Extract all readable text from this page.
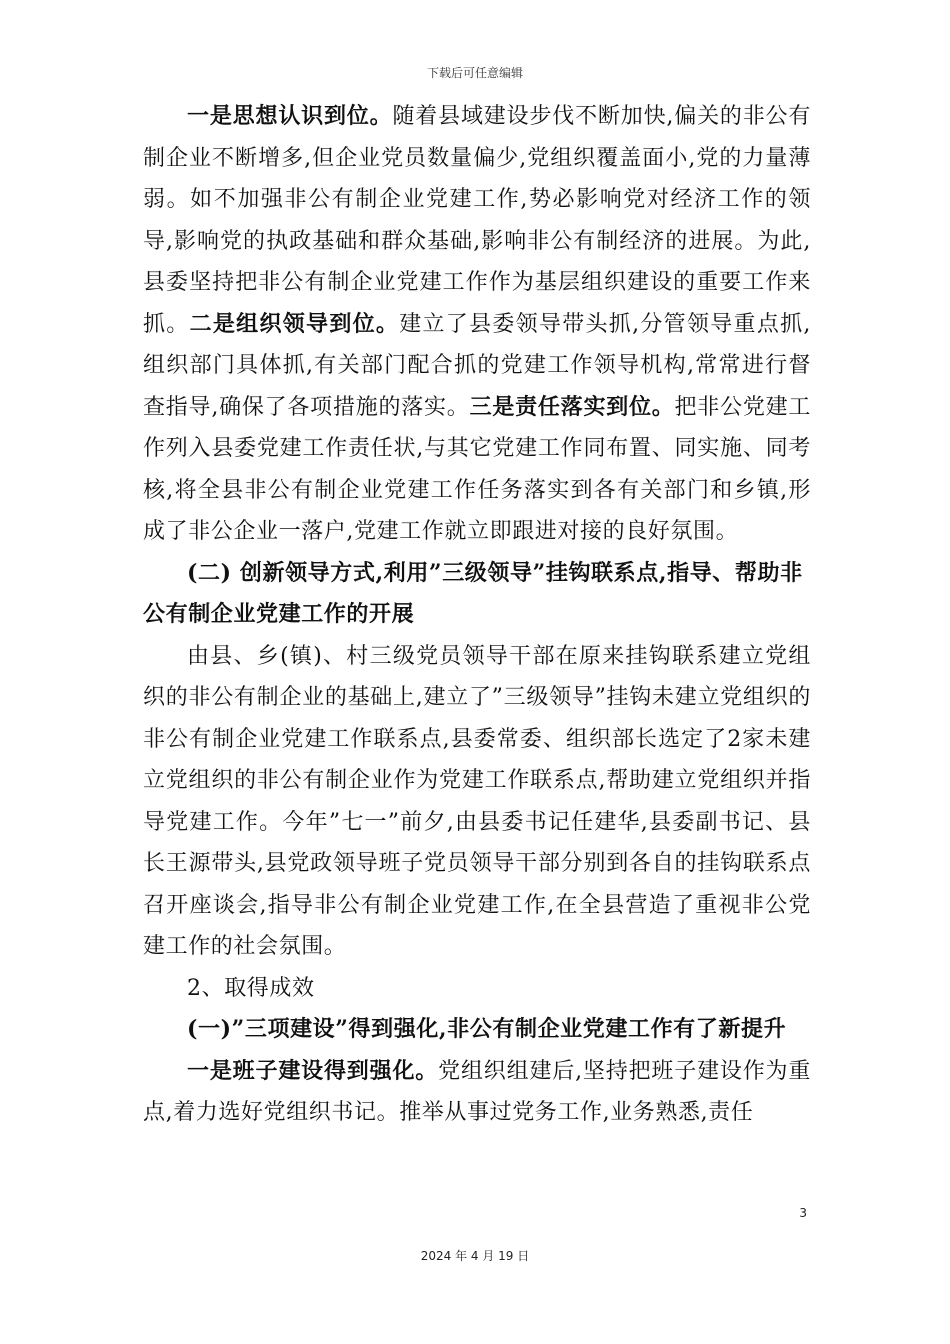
下载后可任意编辑

一是思想认识到位。随着县域建设步伐不断加快,偏关的非公有制企业不断增多,但企业党员数量偏少,党组织覆盖面小,党的力量薄弱。如不加强非公有制企业党建工作,势必影响党对经济工作的领导,影响党的执政基础和群众基础,影响非公有制经济的进展。为此,县委坚持把非公有制企业党建工作作为基层组织建设的重要工作来抓。二是组织领导到位。建立了县委领导带头抓,分管领导重点抓,组织部门具体抓,有关部门配合抓的党建工作领导机构,常常进行督查指导,确保了各项措施的落实。三是责任落实到位。把非公党建工作列入县委党建工作责任状,与其它党建工作同布置、同实施、同考核,将全县非公有制企业党建工作任务落实到各有关部门和乡镇,形成了非公企业一落户,党建工作就立即跟进对接的良好氛围。

(二) 创新领导方式,利用”三级领导”挂钩联系点,指导、帮助非公有制企业党建工作的开展

由县、乡(镇)、村三级党员领导干部在原来挂钩联系建立党组织的非公有制企业的基础上,建立了”三级领导”挂钩未建立党组织的非公有制企业党建工作联系点,县委常委、组织部长选定了2家未建立党组织的非公有制企业作为党建工作联系点,帮助建立党组织并指导党建工作。今年”七一”前夕,由县委书记任建华,县委副书记、县长王源带头,县党政领导班子党员领导干部分别到各自的挂钩联系点召开座谈会,指导非公有制企业党建工作,在全县营造了重视非公党建工作的社会氛围。

2、取得成效

(一)”三项建设”得到强化,非公有制企业党建工作有了新提升

一是班子建设得到强化。党组织组建后,坚持把班子建设作为重点,着力选好党组织书记。推举从事过党务工作,业务熟悉,责任

3
2024 年 4 月 19 日
